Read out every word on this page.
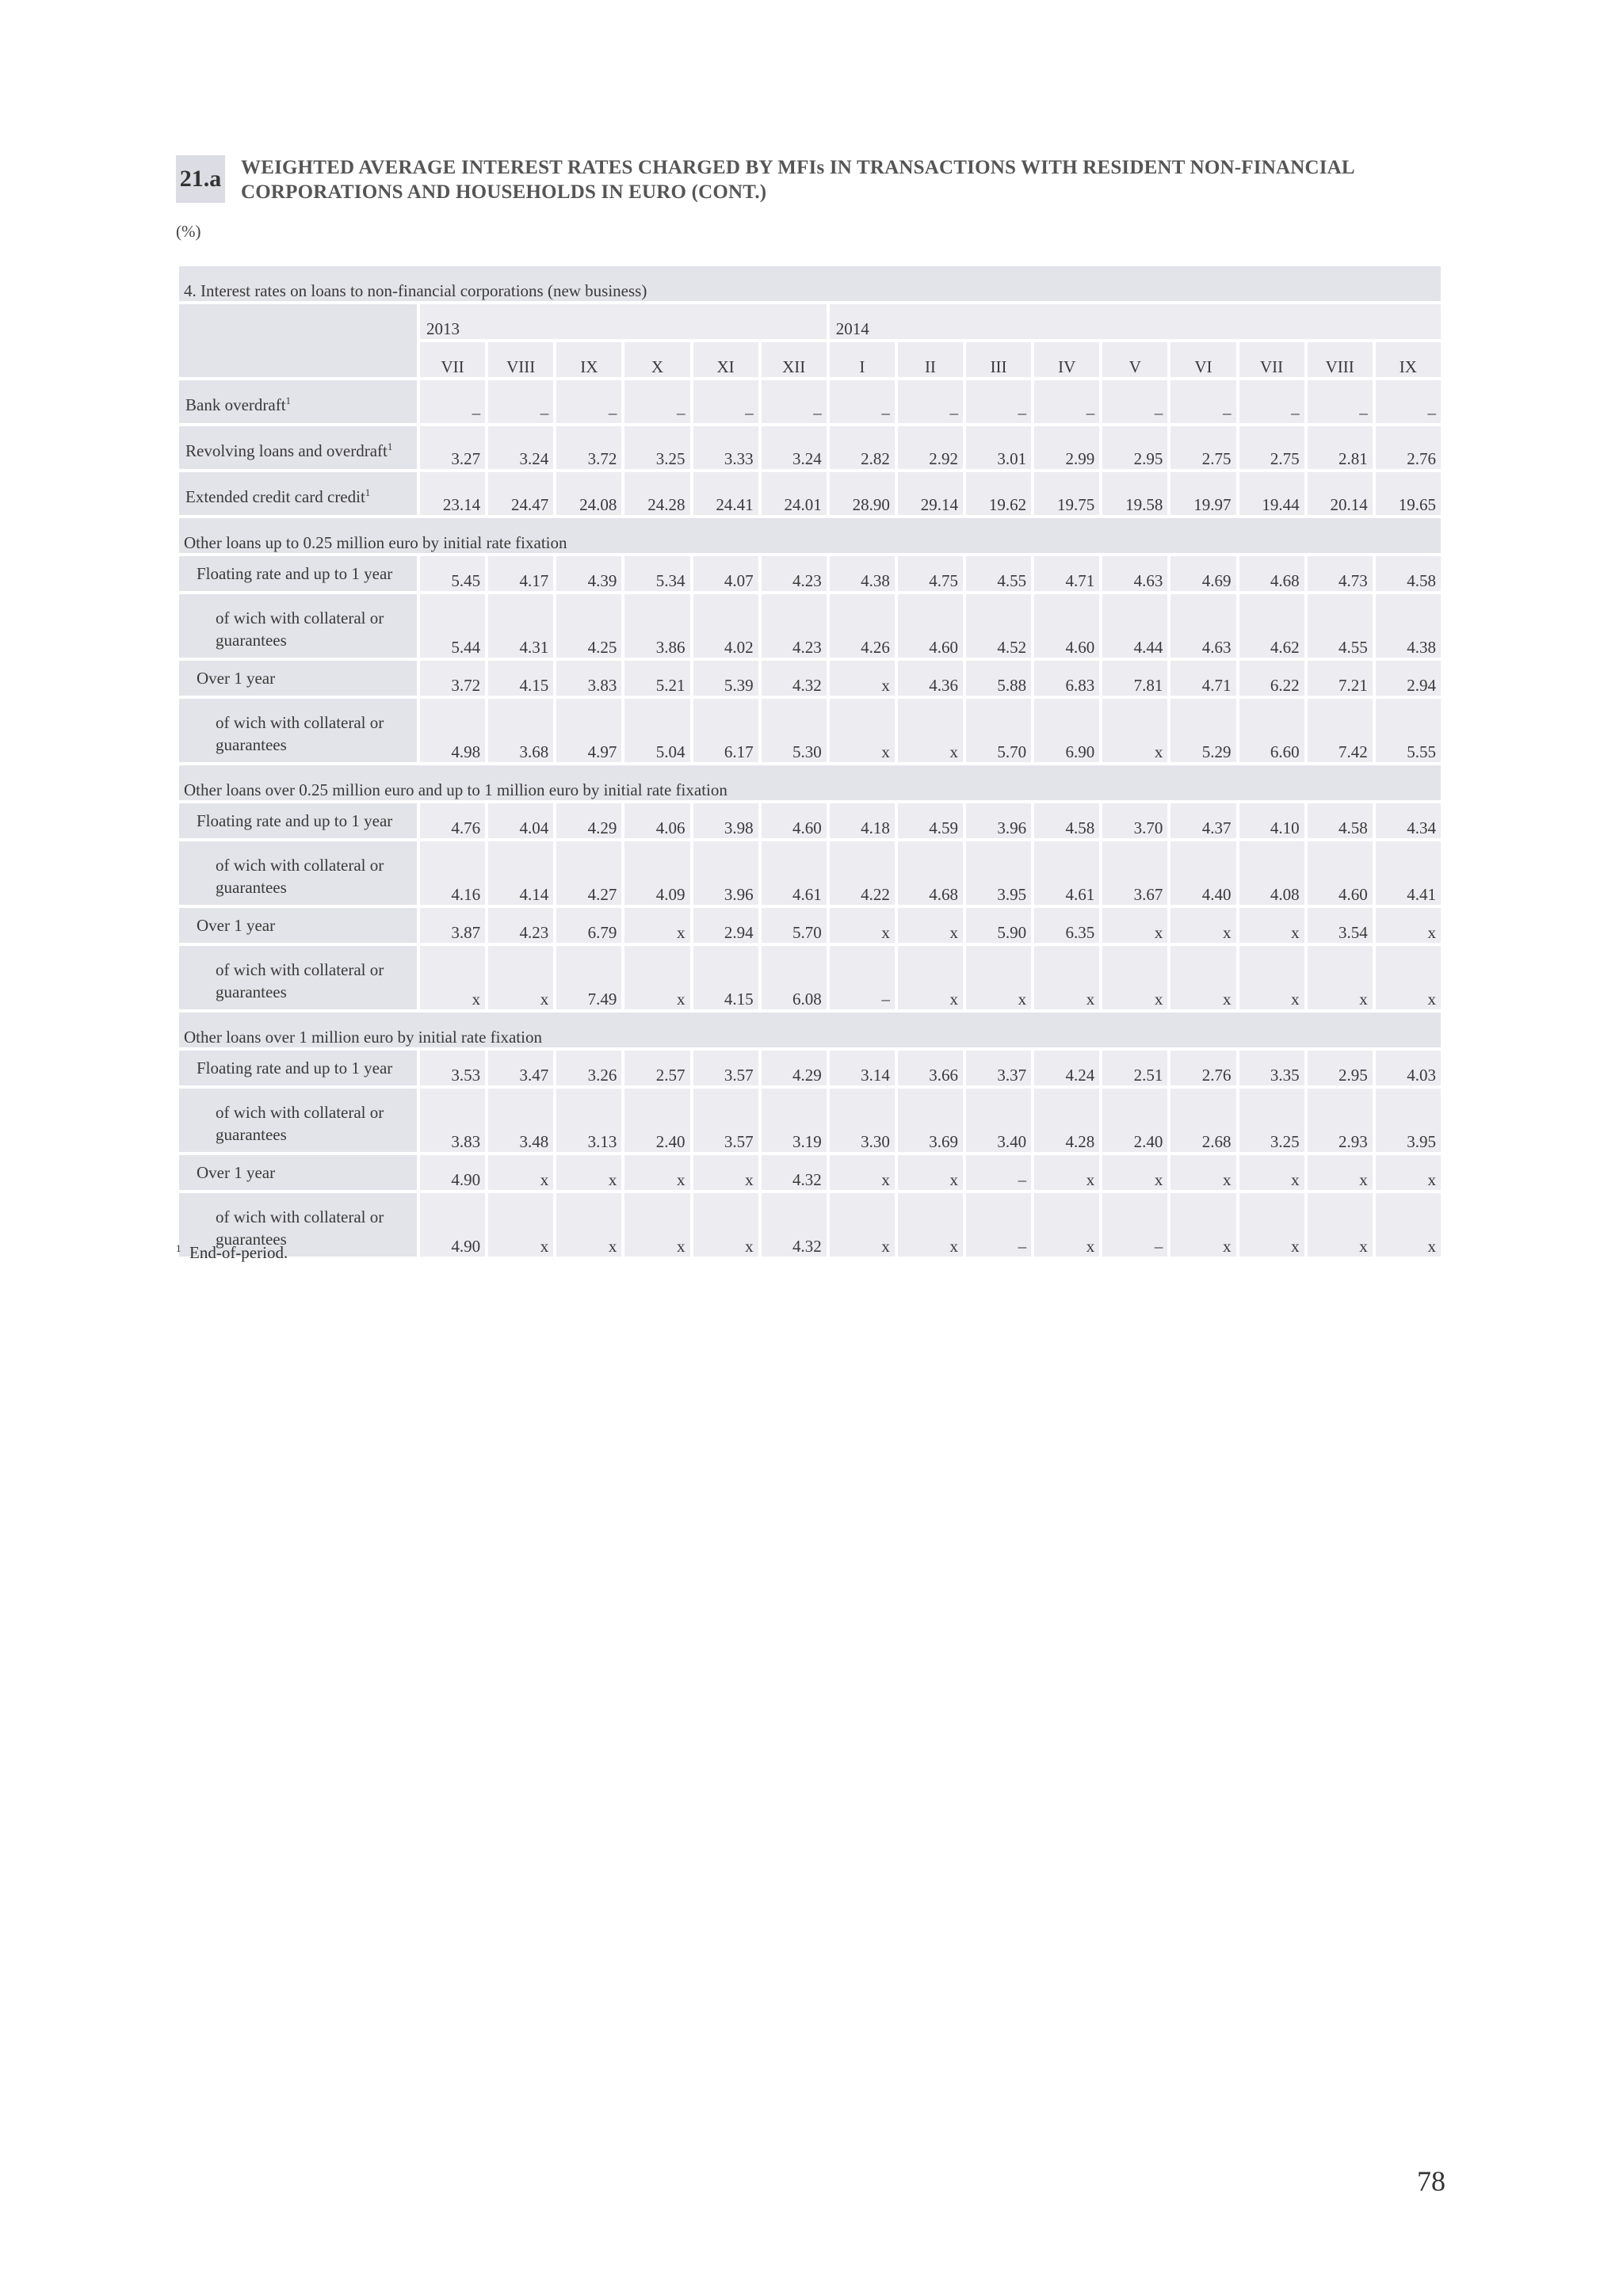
21.a WEIGHTED AVERAGE INTEREST RATES CHARGED BY MFIs IN TRANSACTIONS WITH RESIDENT NON-FINANCIAL CORPORATIONS AND HOUSEHOLDS IN EURO (CONT.)
(%)
4. Interest rates on loans to non-financial corporations (new business)															
	2013						2014								
	VII	VIII	IX	X	XI	XII	I	II	III	IV	V	VI	VII	VIII	IX
Bank overdraft$^1$	–	–	–	–	–	–	–	–	–	–	–	–	–	–	–
Revolving loans and overdraft$^1$	3.27	3.24	3.72	3.25	3.33	3.24	2.82	2.92	3.01	2.99	2.95	2.75	2.75	2.81	2.76
Extended credit card credit$^1$	23.14	24.47	24.08	24.28	24.41	24.01	28.90	29.14	19.62	19.75	19.58	19.97	19.44	20.14	19.65
Other loans up to 0.25 million euro by initial rate fixation															
Floating rate and up to 1 year	5.45	4.17	4.39	5.34	4.07	4.23	4.38	4.75	4.55	4.71	4.63	4.69	4.68	4.73	4.58
of wich with collateral or guarantees	5.44	4.31	4.25	3.86	4.02	4.23	4.26	4.60	4.52	4.60	4.44	4.63	4.62	4.55	4.38
Over 1 year	3.72	4.15	3.83	5.21	5.39	4.32	x	4.36	5.88	6.83	7.81	4.71	6.22	7.21	2.94
of wich with collateral or guarantees	4.98	3.68	4.97	5.04	6.17	5.30	x	x	5.70	6.90	x	5.29	6.60	7.42	5.55
Other loans over 0.25 million euro and up to 1 million euro by initial rate fixation															
Floating rate and up to 1 year	4.76	4.04	4.29	4.06	3.98	4.60	4.18	4.59	3.96	4.58	3.70	4.37	4.10	4.58	4.34
of wich with collateral or guarantees	4.16	4.14	4.27	4.09	3.96	4.61	4.22	4.68	3.95	4.61	3.67	4.40	4.08	4.60	4.41
Over 1 year	3.87	4.23	6.79	x	2.94	5.70	x	x	5.90	6.35	x	x	x	3.54	x
of wich with collateral or guarantees	x	x	7.49	x	4.15	6.08	–	x	x	x	x	x	x	x	x
Other loans over 1 million euro by initial rate fixation															
Floating rate and up to 1 year	3.53	3.47	3.26	2.57	3.57	4.29	3.14	3.66	3.37	4.24	2.51	2.76	3.35	2.95	4.03
of wich with collateral or guarantees	3.83	3.48	3.13	2.40	3.57	3.19	3.30	3.69	3.40	4.28	2.40	2.68	3.25	2.93	3.95
Over 1 year	4.90	x	x	x	x	4.32	x	x	–	x	x	x	x	x	x
of wich with collateral or guarantees	4.90	x	x	x	x	4.32	x	x	–	x	–	x	x	x	x
$^1$ End-of-period.
78
